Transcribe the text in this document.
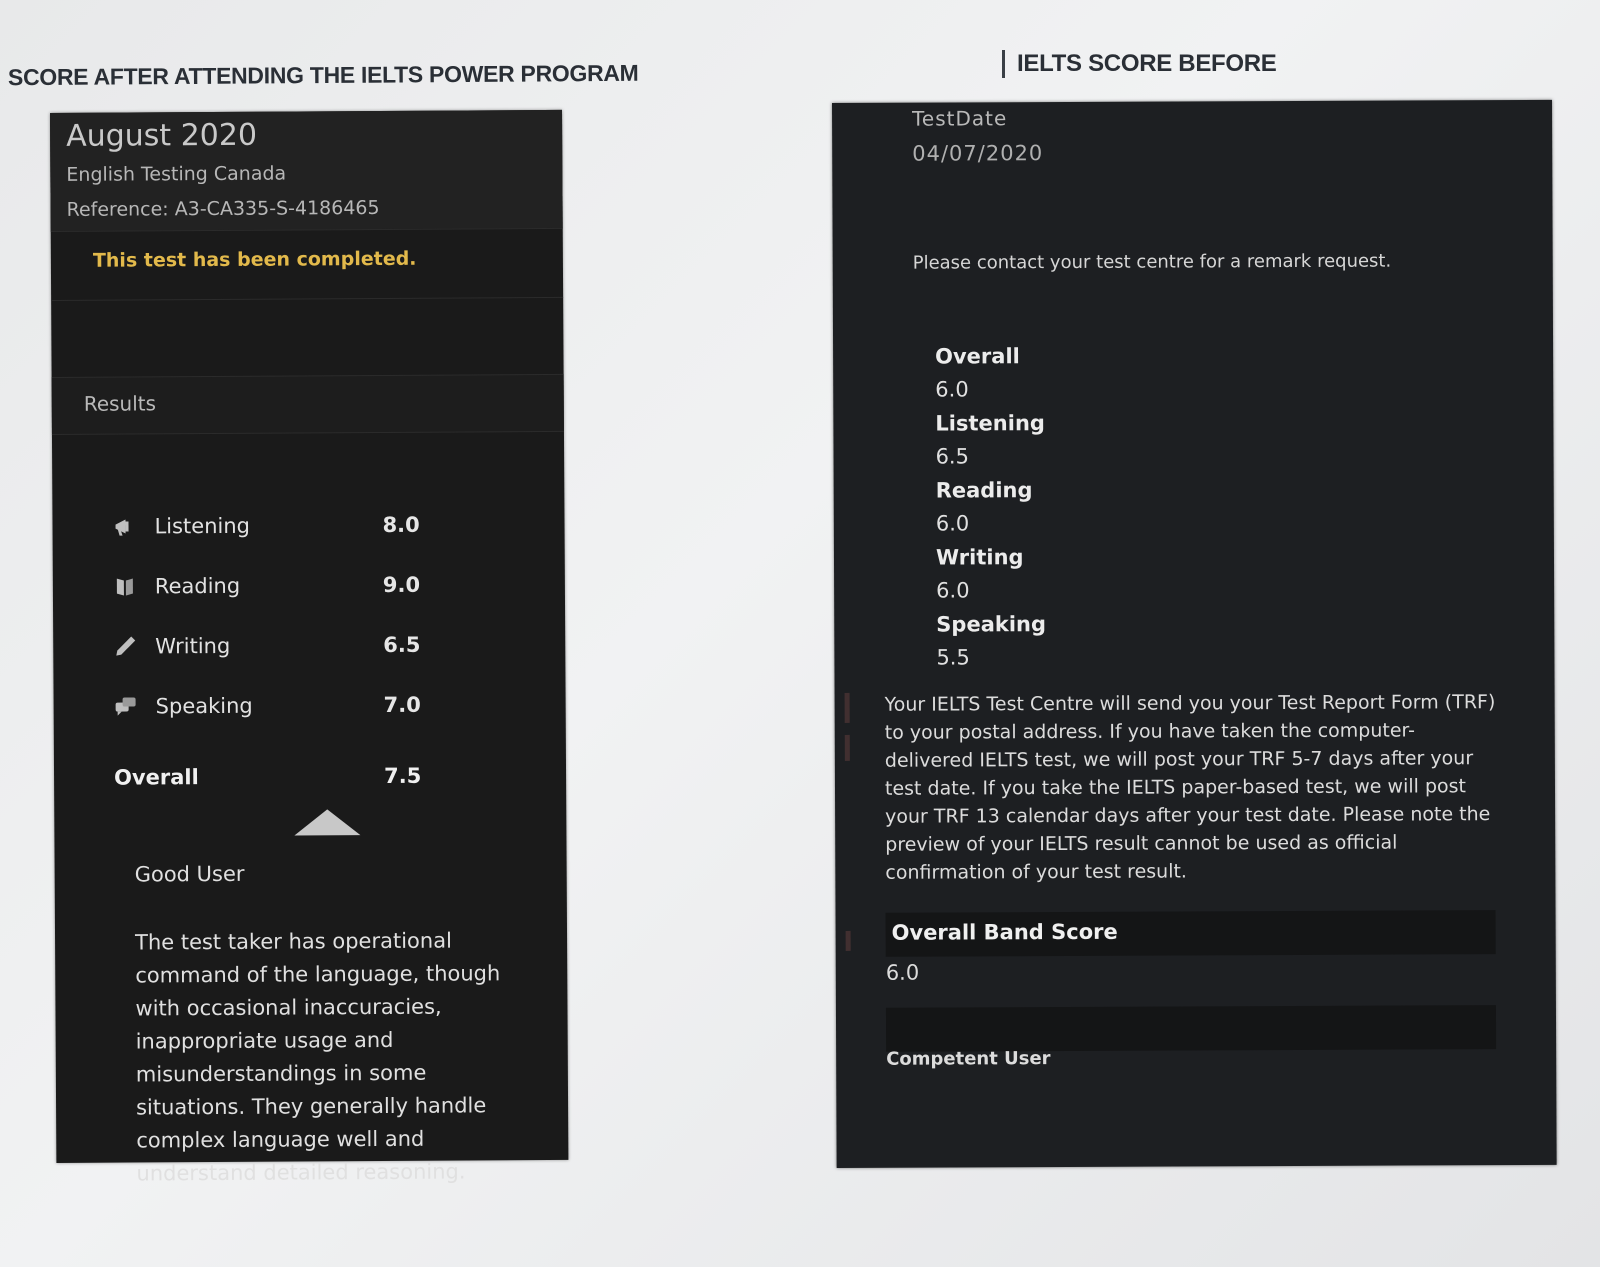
SCORE AFTER ATTENDING THE IELTS POWER PROGRAM	IELTS SCORE BEFORE
August 2020
English Testing Canada
Reference: A3-CA335-S-4186465
This test has been completed.
Results
Listening	8.0
Reading	9.0
Writing	6.5
Speaking	7.0
Overall	7.5
Good User
The test taker has operational command of the language, though with occasional inaccuracies, inappropriate usage and misunderstandings in some situations. They generally handle complex language well and understand detailed reasoning.
TestDate
04/07/2020
Please contact your test centre for a remark request.
Overall
6.0
Listening
6.5
Reading
6.0
Writing
6.0
Speaking
5.5
Your IELTS Test Centre will send you your Test Report Form (TRF) to your postal address. If you have taken the computer-delivered IELTS test, we will post your TRF 5-7 days after your test date. If you take the IELTS paper-based test, we will post your TRF 13 calendar days after your test date. Please note the preview of your IELTS result cannot be used as official confirmation of your test result.
Overall Band Score
6.0
Competent User
